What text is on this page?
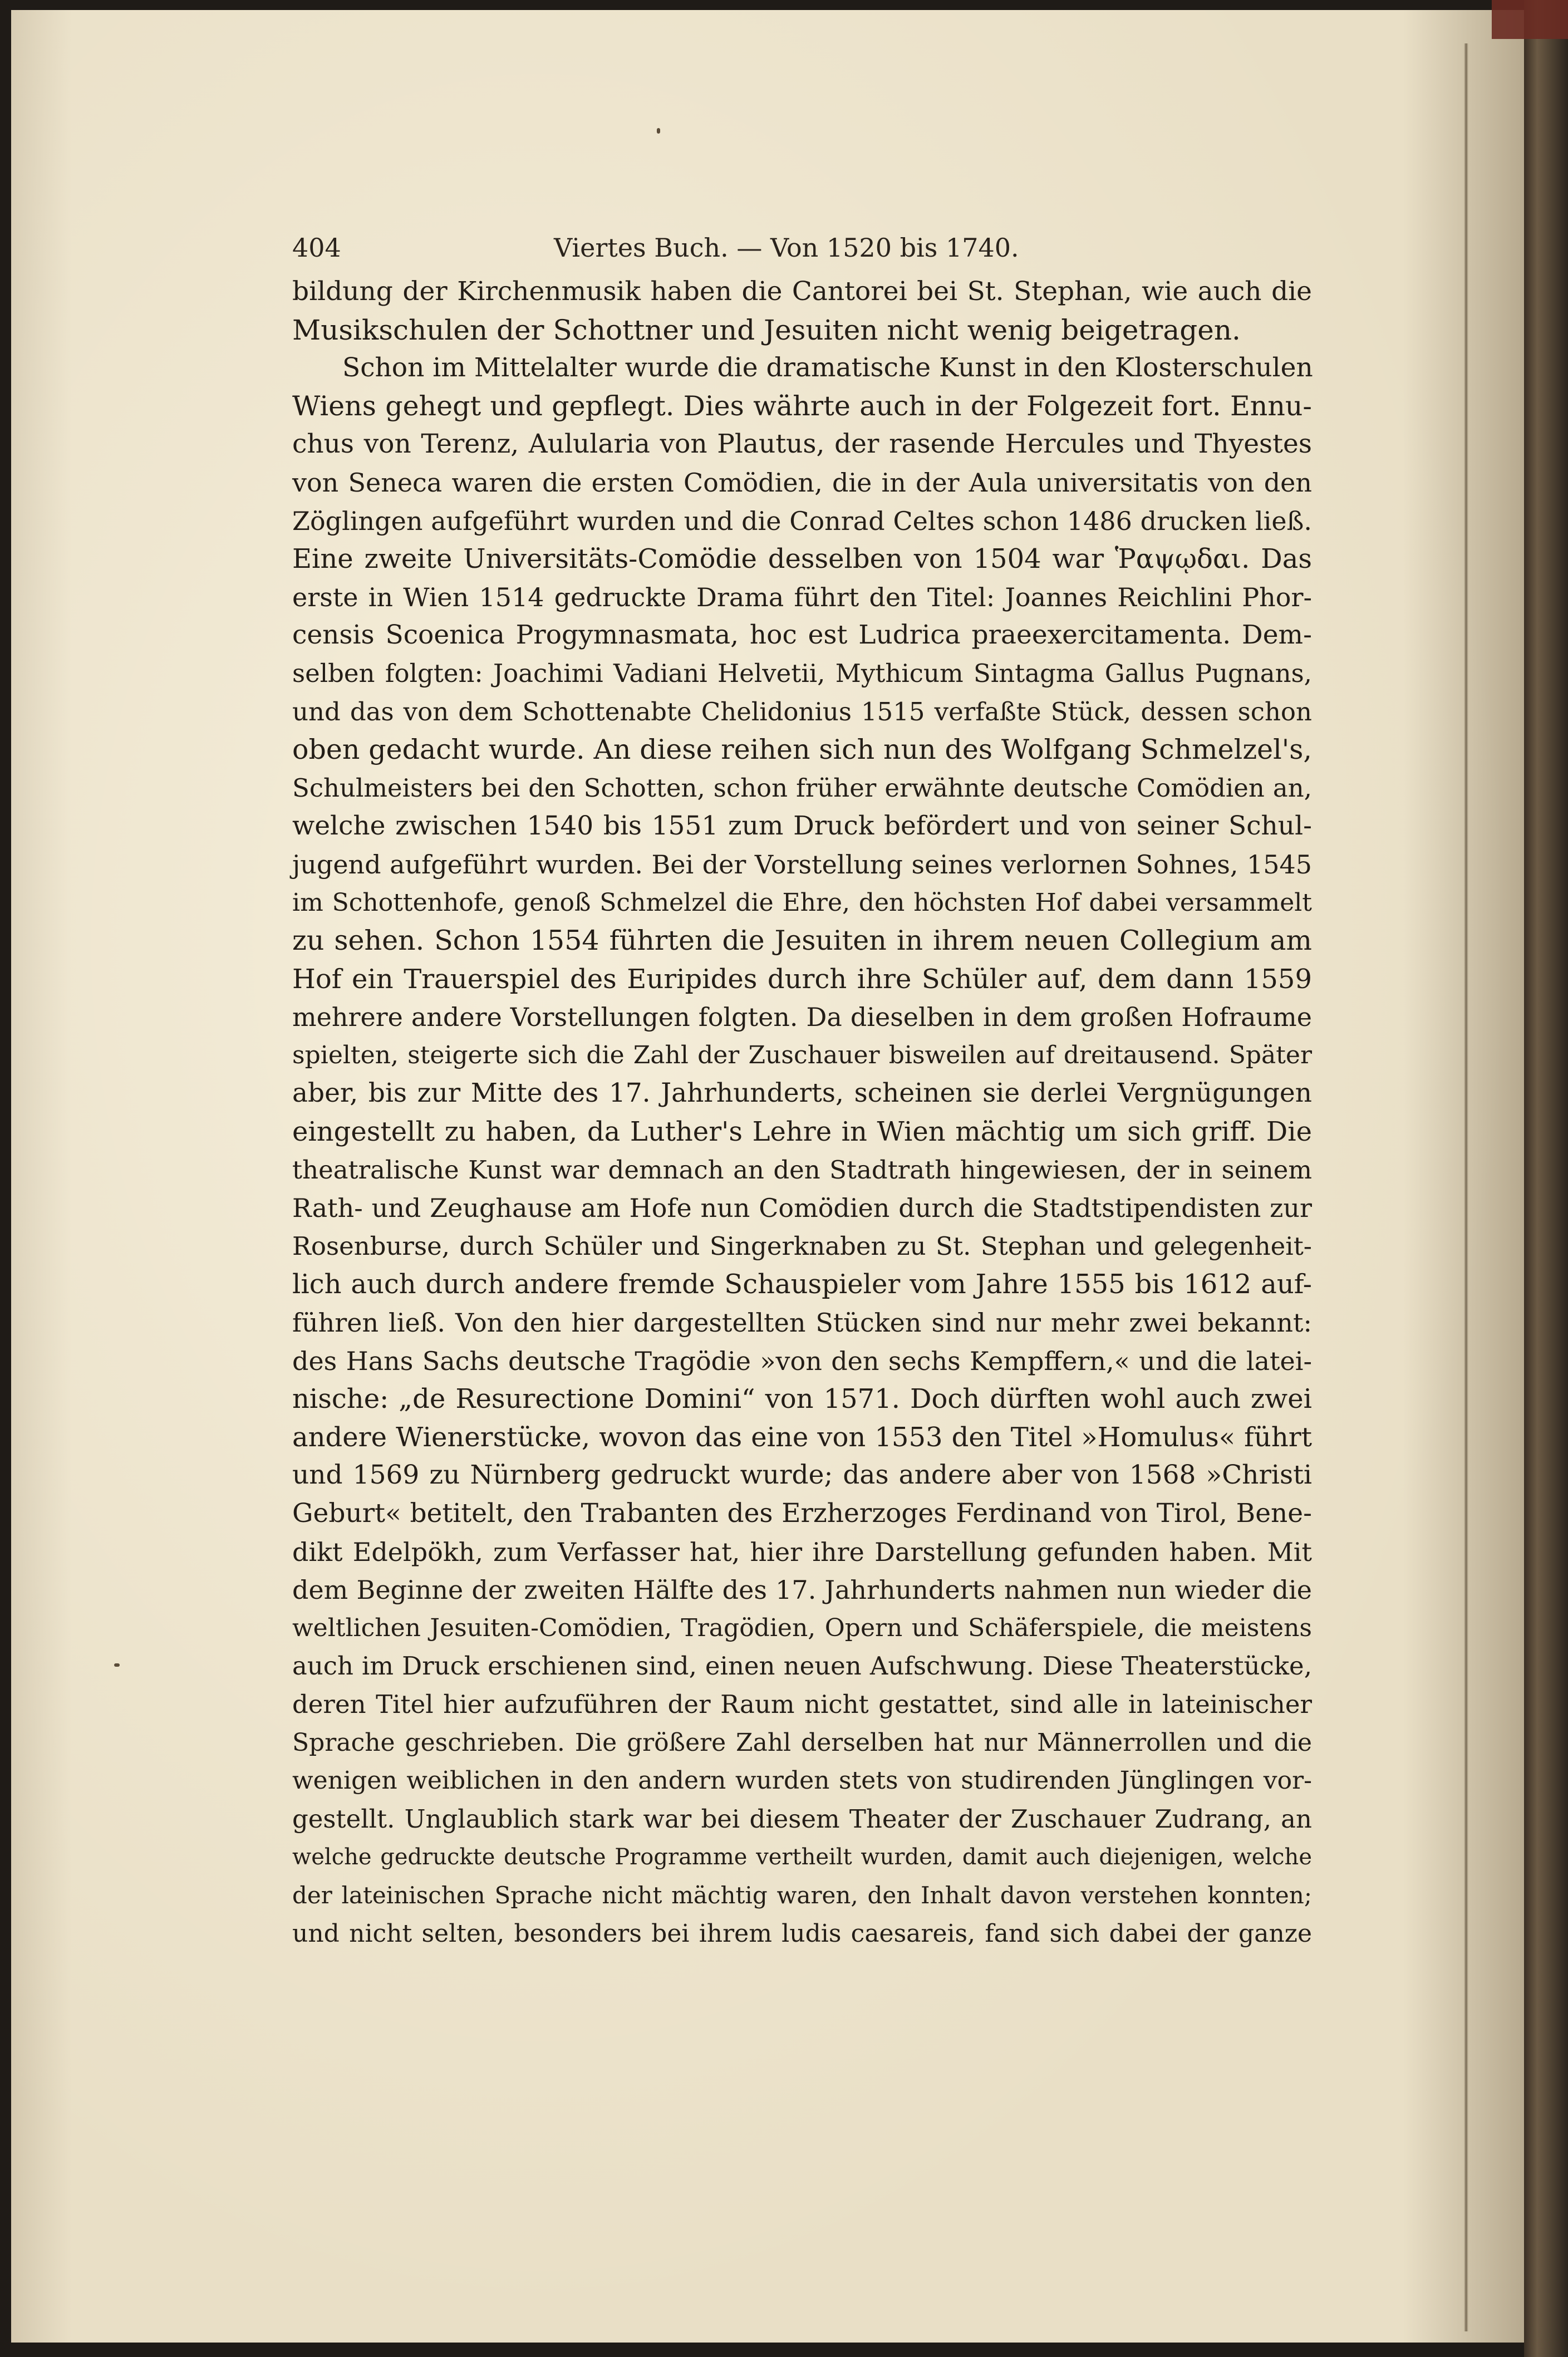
404	Viertes Buch. — Von 1520 bis 1740.
bildung der Kirchenmusik haben die Cantorei bei St. Stephan, wie auch die
Musikschulen der Schottner und Jesuiten nicht wenig beigetragen.
Schon im Mittelalter wurde die dramatische Kunst in den Klosterschulen
Wiens gehegt und gepflegt. Dies währte auch in der Folgezeit fort. Ennu-
chus von Terenz, Aulularia von Plautus, der rasende Hercules und Thyestes
von Seneca waren die ersten Comödien, die in der Aula universitatis von den
Zöglingen aufgeführt wurden und die Conrad Celtes schon 1486 drucken ließ.
Eine zweite Universitäts-Comödie desselben von 1504 war Ῥαψῳδαι. Das
erste in Wien 1514 gedruckte Drama führt den Titel: Joannes Reichlini Phor-
censis Scoenica Progymnasmata, hoc est Ludrica praeexercitamenta. Dem-
selben folgten: Joachimi Vadiani Helvetii, Mythicum Sintagma Gallus Pugnans,
und das von dem Schottenabte Chelidonius 1515 verfaßte Stück, dessen schon
oben gedacht wurde. An diese reihen sich nun des Wolfgang Schmelzel's,
Schulmeisters bei den Schotten, schon früher erwähnte deutsche Comödien an,
welche zwischen 1540 bis 1551 zum Druck befördert und von seiner Schul-
jugend aufgeführt wurden. Bei der Vorstellung seines verlornen Sohnes, 1545
im Schottenhofe, genoß Schmelzel die Ehre, den höchsten Hof dabei versammelt
zu sehen. Schon 1554 führten die Jesuiten in ihrem neuen Collegium am
Hof ein Trauerspiel des Euripides durch ihre Schüler auf, dem dann 1559
mehrere andere Vorstellungen folgten. Da dieselben in dem großen Hofraume
spielten, steigerte sich die Zahl der Zuschauer bisweilen auf dreitausend. Später
aber, bis zur Mitte des 17. Jahrhunderts, scheinen sie derlei Vergnügungen
eingestellt zu haben, da Luther's Lehre in Wien mächtig um sich griff. Die
theatralische Kunst war demnach an den Stadtrath hingewiesen, der in seinem
Rath- und Zeughause am Hofe nun Comödien durch die Stadtstipendisten zur
Rosenburse, durch Schüler und Singerknaben zu St. Stephan und gelegenheit-
lich auch durch andere fremde Schauspieler vom Jahre 1555 bis 1612 auf-
führen ließ. Von den hier dargestellten Stücken sind nur mehr zwei bekannt:
des Hans Sachs deutsche Tragödie »von den sechs Kempffern,« und die latei-
nische: „de Resurectione Domini“ von 1571. Doch dürften wohl auch zwei
andere Wienerstücke, wovon das eine von 1553 den Titel »Homulus« führt
und 1569 zu Nürnberg gedruckt wurde; das andere aber von 1568 »Christi
Geburt« betitelt, den Trabanten des Erzherzoges Ferdinand von Tirol, Bene-
dikt Edelpökh, zum Verfasser hat, hier ihre Darstellung gefunden haben. Mit
dem Beginne der zweiten Hälfte des 17. Jahrhunderts nahmen nun wieder die
weltlichen Jesuiten-Comödien, Tragödien, Opern und Schäferspiele, die meistens
auch im Druck erschienen sind, einen neuen Aufschwung. Diese Theaterstücke,
deren Titel hier aufzuführen der Raum nicht gestattet, sind alle in lateinischer
Sprache geschrieben. Die größere Zahl derselben hat nur Männerrollen und die
wenigen weiblichen in den andern wurden stets von studirenden Jünglingen vor-
gestellt. Unglaublich stark war bei diesem Theater der Zuschauer Zudrang, an
welche gedruckte deutsche Programme vertheilt wurden, damit auch diejenigen, welche
der lateinischen Sprache nicht mächtig waren, den Inhalt davon verstehen konnten;
und nicht selten, besonders bei ihrem ludis caesareis, fand sich dabei der ganze
